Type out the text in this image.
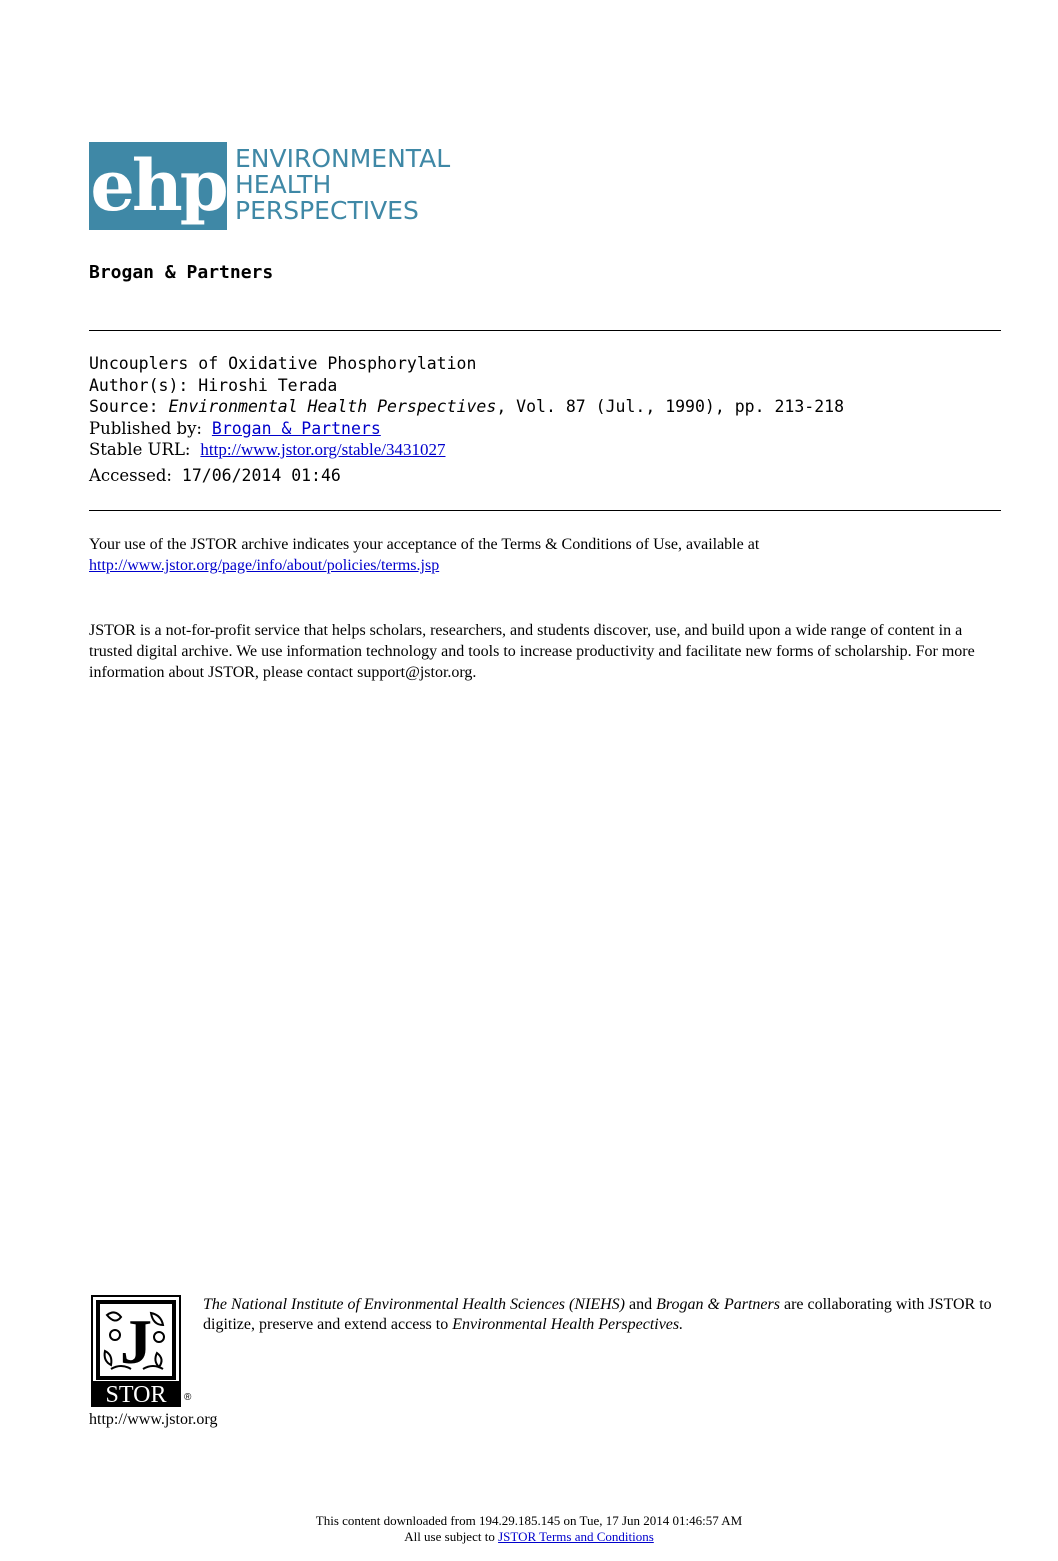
ehp ENVIRONMENTAL
HEALTH
PERSPECTIVES
Brogan & Partners
Uncouplers of Oxidative Phosphorylation
Author(s): Hiroshi Terada
Source: Environmental Health Perspectives, Vol. 87 (Jul., 1990), pp. 213-218
Published by: Brogan & Partners
Stable URL: http://www.jstor.org/stable/3431027
Accessed: 17/06/2014 01:46
Your use of the JSTOR archive indicates your acceptance of the Terms & Conditions of Use, available at
http://www.jstor.org/page/info/about/policies/terms.jsp
JSTOR is a not-for-profit service that helps scholars, researchers, and students discover, use, and build upon a wide range of content in a trusted digital archive. We use information technology and tools to increase productivity and facilitate new forms of scholarship. For more information about JSTOR, please contact support@jstor.org.
J
STOR ®
http://www.jstor.org
The National Institute of Environmental Health Sciences (NIEHS) and Brogan & Partners are collaborating with JSTOR to digitize, preserve and extend access to Environmental Health Perspectives.
This content downloaded from 194.29.185.145 on Tue, 17 Jun 2014 01:46:57 AM
All use subject to JSTOR Terms and Conditions
